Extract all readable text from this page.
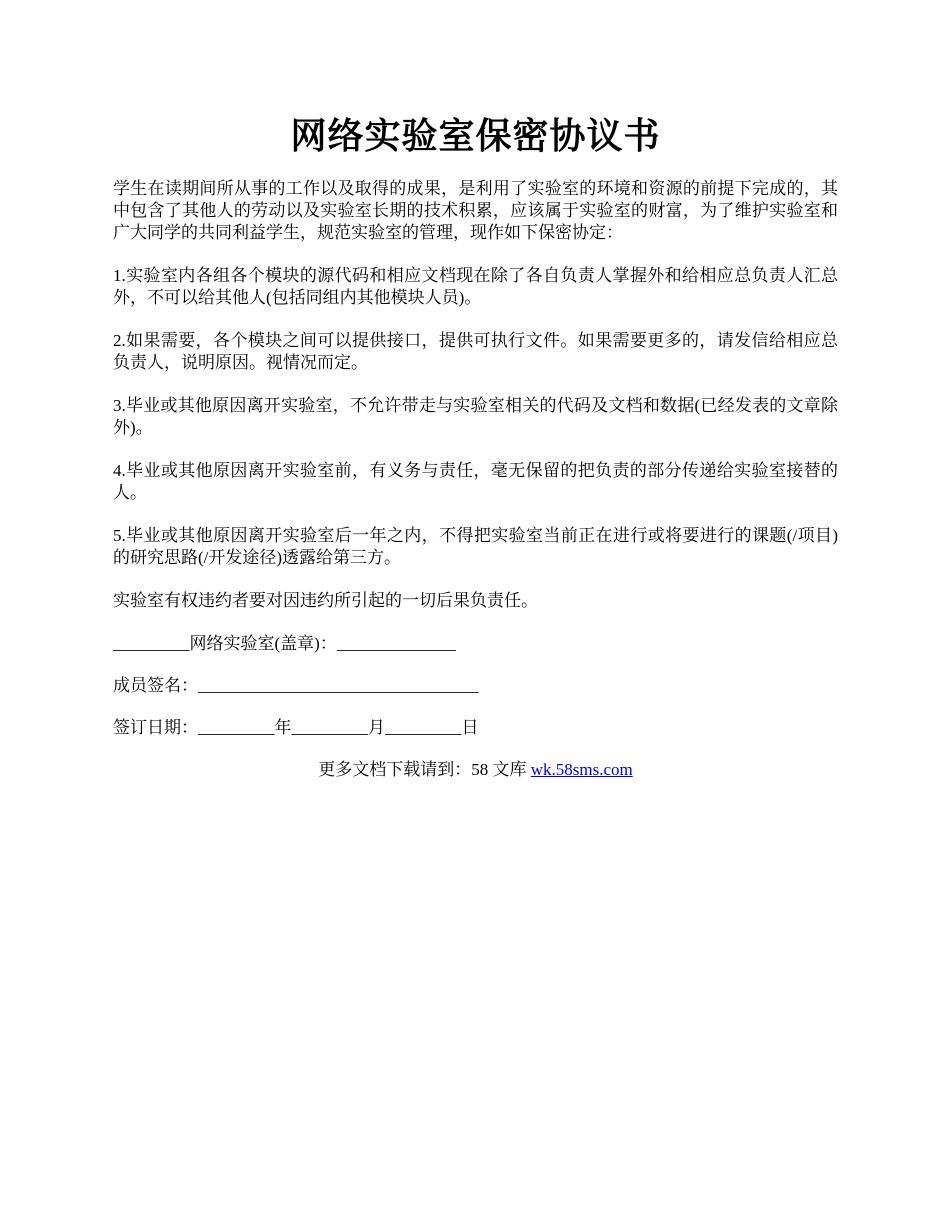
网络实验室保密协议书

学生在读期间所从事的工作以及取得的成果，是利用了实验室的环境和资源的前提下完成的，其中包含了其他人的劳动以及实验室长期的技术积累，应该属于实验室的财富，为了维护实验室和广大同学的共同利益学生，规范实验室的管理，现作如下保密协定：

1.实验室内各组各个模块的源代码和相应文档现在除了各自负责人掌握外和给相应总负责人汇总外，不可以给其他人(包括同组内其他模块人员)。

2.如果需要，各个模块之间可以提供接口，提供可执行文件。如果需要更多的，请发信给相应总负责人，说明原因。视情况而定。

3.毕业或其他原因离开实验室，不允许带走与实验室相关的代码及文档和数据(已经发表的文章除外)。

4.毕业或其他原因离开实验室前，有义务与责任，毫无保留的把负责的部分传递给实验室接替的人。

5.毕业或其他原因离开实验室后一年之内，不得把实验室当前正在进行或将要进行的课题(/项目)的研究思路(/开发途径)透露给第三方。

实验室有权违约者要对因违约所引起的一切后果负责任。

_________网络实验室(盖章)：______________

成员签名：_________________________________

签订日期：_________年_________月_________日

更多文档下载请到：58 文库 wk.58sms.com
